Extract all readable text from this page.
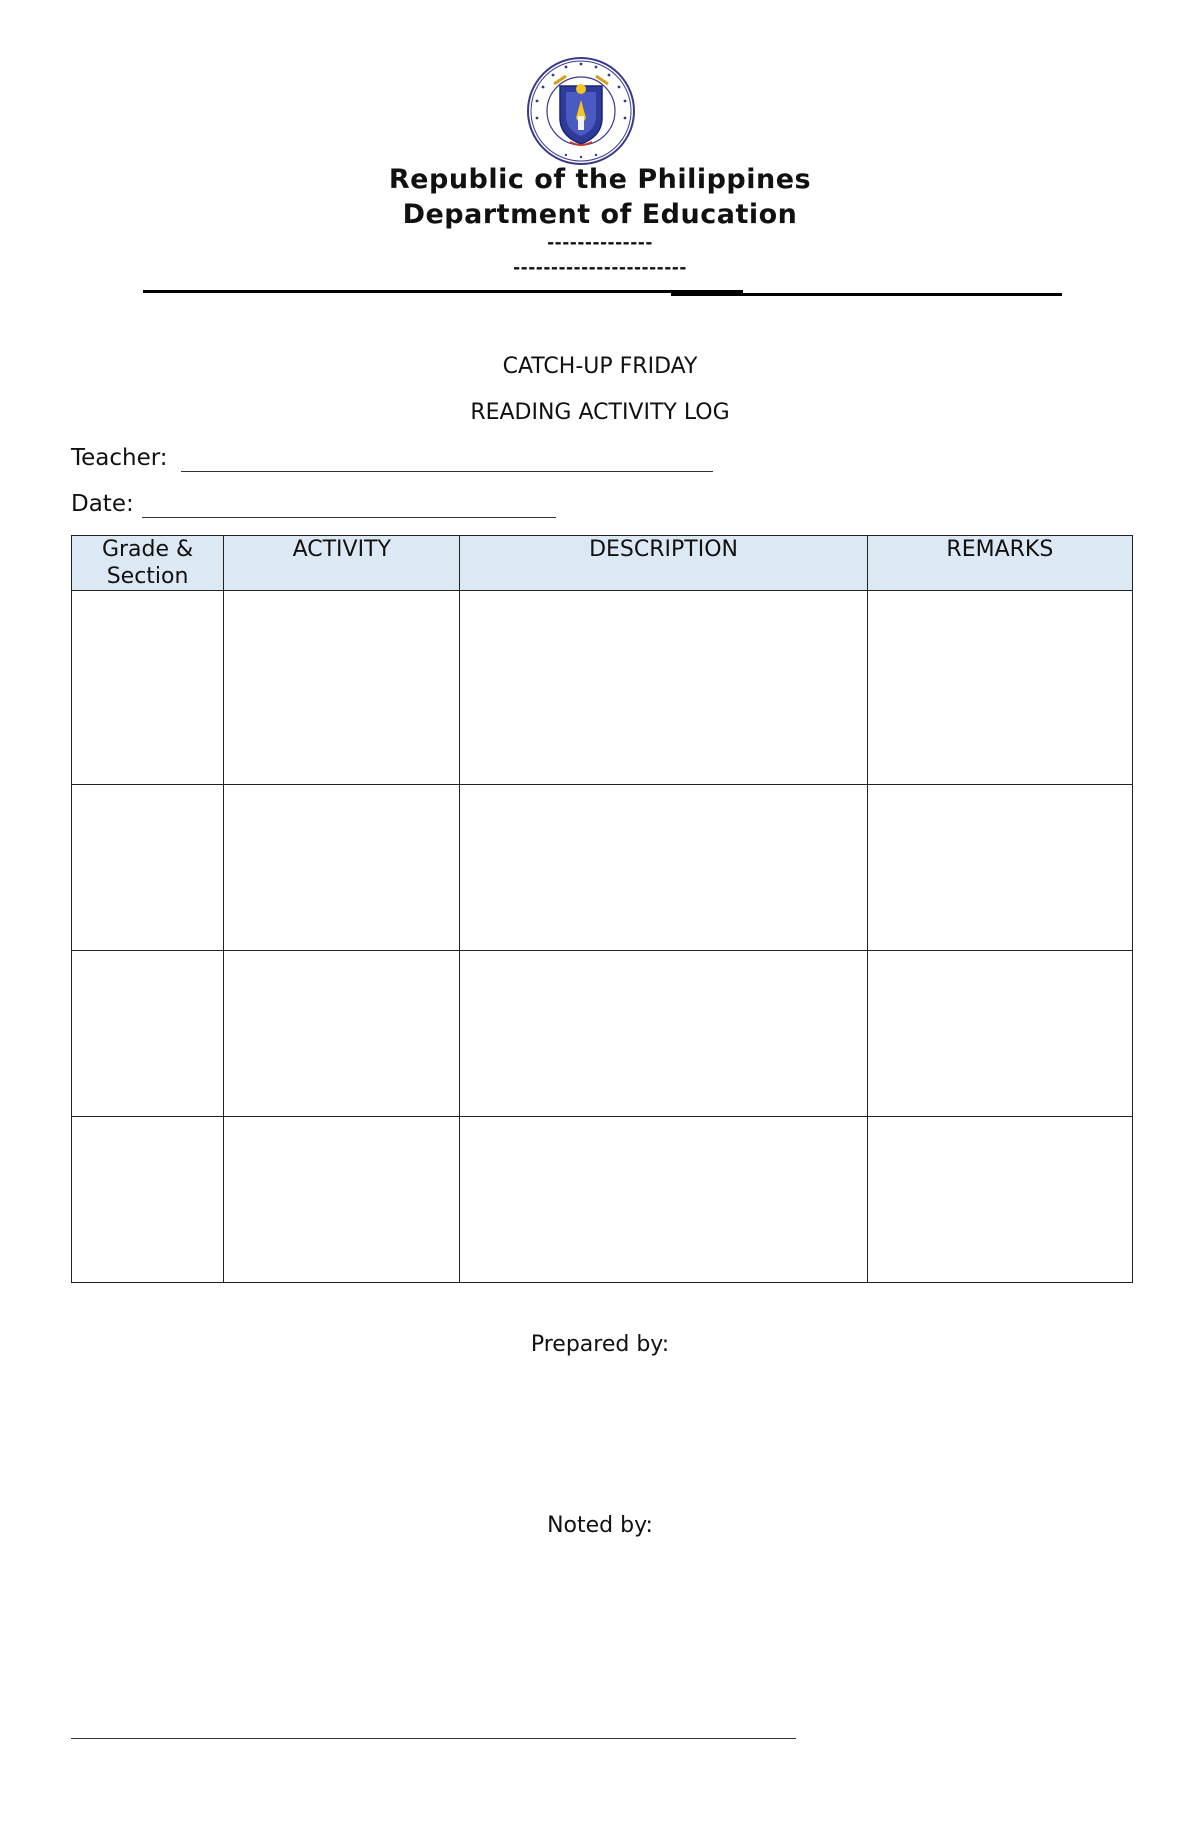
Republic of the Philippines
Department of Education
--------------
-----------------------
CATCH-UP FRIDAY
READING ACTIVITY LOG
Teacher:
Date:
Grade & Section	ACTIVITY	DESCRIPTION	REMARKS

Prepared by:
Noted by:
